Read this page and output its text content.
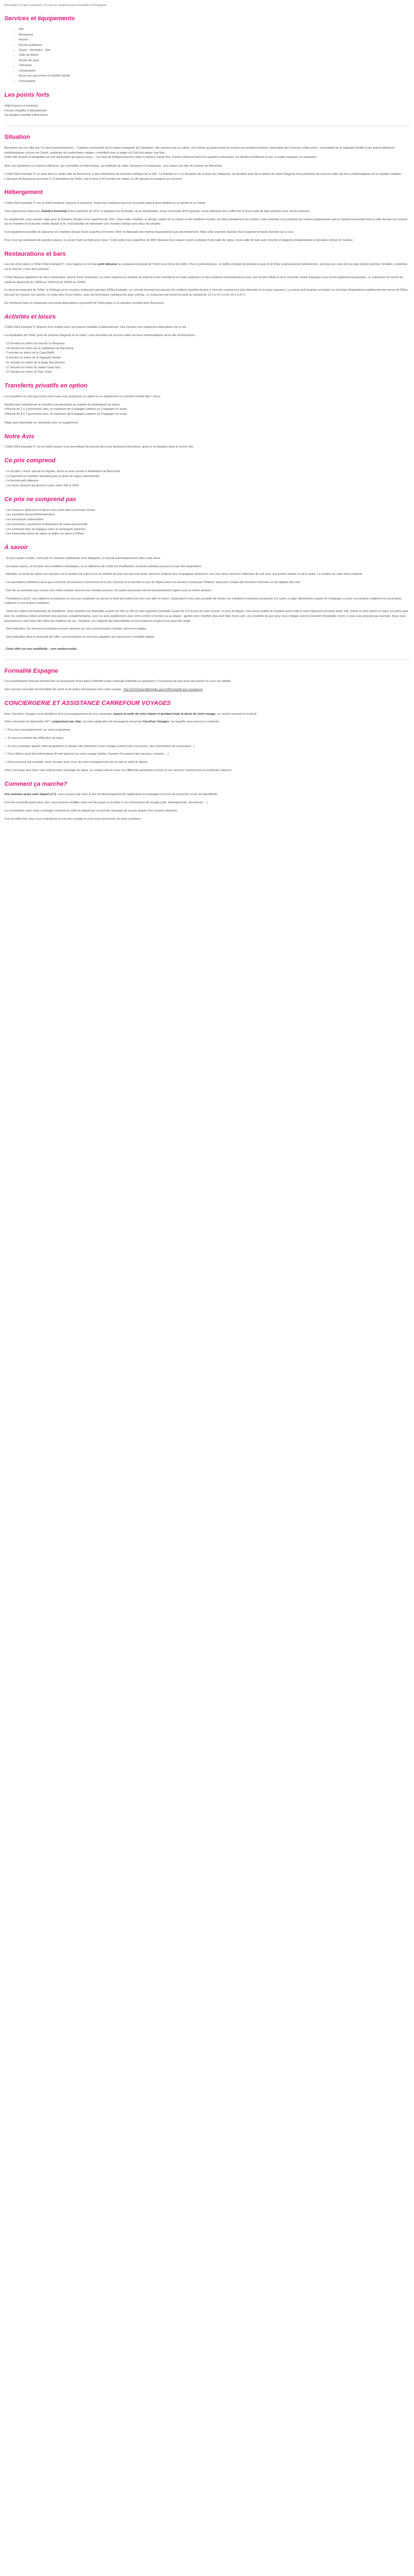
Description Ce prix comprend / Ce prix ne comprend pas Formalités Conciergerie
Services et équipements
• Wifi
• Restaurant
• Piscine
• Piscine extérieure
• Sauna - Hammam - Spa
• Salle de fitness
• Terrain de sport
• Télévision
• Climatisation
• Accès aux personnes à mobilité réduite
• Conciergerie
Les points forts

Hôtel luxueux et lumineux

Piscine chauffée à débordement

Sa situation centrale à Barcelone

Situation

Barcelone est une ville que l'on aime passionnément.... Capitale cosmopolite de la région espagnole de Catalogne, elle rayonne par sa culture, son climat, sa gastronomie et surtout son ambiance festive. Impossible de s'ennuyer à Barcelone : la boutique de la Sagrada Familia et les autres bâtiments emblématiques conçus par Gaudí, symboles du modernisme catalan, cohabitent avec la plage où il fait bon piquer une tête...

Cette ville vivante et infatigable est une destination qui plaira à tous.... Les fans de football pourront visiter le fameux Camp Nou, d'autres flâneront dans les quartiers historiques, les familles profiteront le zoo, le public espanyol ou l'aquarium...

Avec ses transports en commun efficaces, ses merveilles architecturales, sa multitude de cafés, terrasses et restaurants, vous aurez une idée du charme de Barcelone.

L'hôtel Ohla Example 5* se situe dans le centre-ville de Barcelone, à deux kilomètres de l'avenue mythique de la ville : La Rambla et à 1,5 kilomètre de la place de Catalunya. Sa situation près de la station de métro Diagonal vous permettra de pouvoir visiter les lieux emblématiques de la capitale catalane. L'aéroport de Barcelone se trouve à 15 kilomètres de l'hôtel, soit environ à 30 minutes en voiture ou 35 minutes en transport en commun.

Hébergement

L'hôtel Ohla Example 5* est un hôtel moderne, luxueux et lumineux. Toutes les chambres peuvent accueillir jusqu'à deux adultes ou un adulte et un enfant.

Vous séjournerez dans une chambre Essential d'une superficie de 25m² et équipée d'un lit double, de la climatisation, d'une connexion Wi-Fi gratuite, d'une télévision d'un coffre-fort et d'une salle de bain privative avec sèche-cheveux.

En supplément, vous pourrez opter pour la chambre Design d'une superficie de 26m². Dans cette chambre, le design, inspiré de la culture et des traditions locales, se mêle parfaitement au confort. Cette chambre vous propose les mêmes équipements que la chambre Essential mais la salle de bain est ouverte sur la chambre et la douche visible depuis le lit. Il est possible de demander une chambre Design avec deux lits simples.

Il est également possible de séjourner en chambre Deluxe d'une superficie d'environ 34m² et disposant des mêmes équipements que précédemment. Mais cette chambre dispose d'une superbe terrasse donnant sur la cour.

Pour ceux qui souhaitent de grands espaces, la Junior Suite est faite pour vous ! Cette suite d'une superficie de 38m² dispose d'un espace ouvert composé d'une salle de séjour, d'une salle de bain avec douche et baignoire indépendante et de bains vitrines en hauteur.

Restaurations et bars

Lors de votre séjour à l'hôtel Ohla Example 5*, vous logerez en formule petit déjeuner au restaurant principal de l'hôtel sous forme de buffet. Pour le petit déjeuner, un buffet complet de produits locaux et de fruits soigneusement sélectionnés, ainsi qu'une carte de tout type d'œufs (pochés, brouillés, omelettes, sur le plat etc.) vous sera proposé.

L'hôtel dispose également de deux restaurants, dont le Xerta restaurant. La carte respecte les produits du marché et les transforme en mets supérieurs et des créations contemporaines avec une touche d'Asie et de la nouvelle cuisine française vous seront également proposées. Le restaurant est ouvert du mardi au dimanche de 13h00 au 16h00 et de 20h00 au 23h00.

Le second restaurant de l'hôtel, le Kintsugi est le nouveau restaurant japonais d'Ohla Example, un concept innovant qui associe les meilleurs produits locaux à l'une des cuisines les plus délicates et les plus exquises. La cuisine qu'il propose est basée sur la fusion d'ingrédients traditionnels des terres de l'Ebre, tels que les oursins, les seiches, le crabe bleu et les huîtres, avec les techniques culinaires du pays oriental. Le restaurant est ouvert du lundi au samedi de 13 h à 16 h et de 20 h à 23 h.

De nombreux bars et restaurants sont aussi disponibles à proximité de l'hôtel grâce à sa situation centrale dans Barcelone.

Activités et loisirs

L'hôtel Ohla Example 5* dispose d'un rooftop avec une piscine chauffée à débordement. Des hamacs sont également disponibles sur le toit.

La localisation de l'hôtel, près de l'avenue Diagonal et du métro, vous permettra de pouvoir visiter les lieux emblématiques de la ville de Barcelone :

- 13 minutes en métro du marché La Boqueria

- 18 minutes en métro de la Cathédrale de Barcelone

- 7 minutes en métro de la Casa Batlló

- 9 minutes en métro de la Sagrada Familia

- 31 minutes en métro de la plage Barceloneta

- 27 minutes en métro du Stade Camp Nou

- 27 minutes en métro du Parc Güell

Transferts privatifs en option

Les transferts ne sont pas inclus mais nous vous proposons en option et en supplément un transfert privatif aller / retour.

Veuillez bien sélectionner le transfert correspondant au nombre de participants au séjour :

Véhicule de 1 à 3 personnes avec un maximum de 4 bagages cabines ou 2 bagages en soute.

Véhicule de 4 à 7 personnes avec un maximum de 8 bagages cabines ou 4 bagages en soute.

Siège auto disponible sur demande avec un supplément.

Notre Avis

L'hôtel Ohla Example 5* est un hôtel luxueux vous permettant de pouvoir découvrir facilement Barcelone, grâce à sa situation dans le centre-ville.

Ce prix comprend

- Le vol aller / retour spécial ou régulier, direct ou avec escale à destination de Barcelone

- Le logement en chambre standard pour la durée du séjour sélectionnée

- La formule petit déjeuner

- Les taxes aéroport qui peuvent varier entre 30€ et 200€

Ce prix ne comprend pas

- Les boissons, déjeuners et dîners non inclus dans la formule choisie

- Les transferts aéroport/hôtel/aéroport

- Les assurances optionnelles

- Les excursions, pourboires et dépenses de nature personnelle

- Les éventuels frais de bagages selon la compagnie aérienne

- Les éventuelles taxes de séjour (à régler sur place à l'hôtel)

À savoir

- Si vous partez seul(e), votre prix en chambre individuelle sera obligatoire et calculé automatiquement dans votre devis.

- En basse saison, en fonction des conditions climatiques, ou si l'affluence de l'hôtel est insuffisante, certaines activités peuvent ne pas être disponibles.

- Attention, la durée du séjour est calculée sur le nombre de nuits et non le nombre de jours qui peuvent varier selon les horaires des compagnies aériennes. Les vols retour pourront s'effectuer de nuit avec une arrivée tardive ou tôt le matin. Le nombre de nuits reste respecté.

- Les prestations hôtelières ainsi que la formule de pensions commenceront le jour d'arrivée et se termine le jour du départ selon les horaires choisis par l'hôtelier, sans tenir compte des horaires d'arrivées ou de départs des vols.

- Des lits ou serviettes par ronnes d'un même dossier réservé une certaine pension, les autres personnes seront éventuellement logées sous la même pension.

- Prestations à bord : les collations et boissons ne sont pas comprises au service à bord des avions lors des vols aller et retour. Cependant il vous sera possible de choisir vos collations et boissons proposés à la carte, à régler directement auprès de l'équipage ou avec vos propres collations et vos propres collations et vos propres collations.

- Selon les règles internationales de l'hôtellerie, votre chambre est disponible à partir de 14h ou 15h et votre logement (souhait) à partir de 17h le jour de votre arrivée. Le jour du départ, vous devez quitter la chambre avant midi et votre logement (souhait) avant 10h, même si votre retour en avion est prévu plus tard. De nombreux hôtels prévoient des services complémentaires, avec ou sans supplément, pour votre confort à l'arrivée ou au départ : garder votre chambre plus tard (late check-out), une chambre de jour pour vous changer avant le transfert (hospitality room). Il vous sera proposé par exemple. Nous vous présenterons votre hôtel afin d'être les meilleurs de vos. Toutefois, ceci dépend des disponibilités et circonstances locales et ne peut être exigé.

- Seul indication, les services touristiques fournis reposent sur une communication verbale, seront en anglais.

- Seul indication dans le descriptif de l'offre, nos prestations ne sont pas adaptées aux personnes à mobilité réduite.

- Cette offre est non modifiable – non remboursable

Formalité Espagne

Les ressortissants français doivent être en possession d'une pièce d'identité (carte nationale d'identité ou passeport, à l'exclusion de tout autre document) en cours de validité.

Vous pouvez consulter les formalités de santé et de police nécessaires pour votre voyage : http://XXX/www.diplomatie.gouv.fr/fr/conseils-aux-voyageurs/

CONCIERGERIE ET ASSISTANCE CARREFOUR VOYAGES

Avec Carrefour Voyages vous bénéficiez d'un accompagnement de nos concierges depuis la veille de votre départ et pendant toute la durée de votre voyage, un service innovant et exclusif.

Votre concierge est disponible 24/7, uniquement par chat, via votre application de messagerie sécurisée Carrefour Voyages, sur laquelle vous pouvez le contacter :

✓ Pour tous renseignements sur votre programme

✓ Si vous rencontrez des difficultés sur place

✓ Si vous souhaitez ajouter votre programme ou ajouter des éléments à votre voyage (comme des excursions, des réservations de restaurants...)

✓ Pour obtenir avoir des informations d'ordre général sur votre voyage (météo, horaires d'ouverture des services, conseils.....)

✓ Nous pouvons par exemple, nous occuper pour vous, de votre enregistrement de vol dès la veille du départ

Votre concierge sera alors votre interlocuteur privilégié sur place, en relation directe avec nos différents partenaires locaux et nos services commerciaux et production internes.

Comment ça marche?

Une semaine avant votre départ (J-7), vous recevrez par mail, le lien de téléchargement de l'application accompagné d'un lien de connexion et de vos identifiants.

Une fois connecté après deux clics, vous pourrez modifier votre mot de passe et accéder à vos informations de voyage (vols, hébergements, documents, ...)

La conversation avec votre concierge s'activera la veille du départ par un premier message de sa part auquel vous pourrez répondre.

Une nouvelle fois, nous vous souhaitons un très bon voyage et nous vous remercions de votre confiance.
